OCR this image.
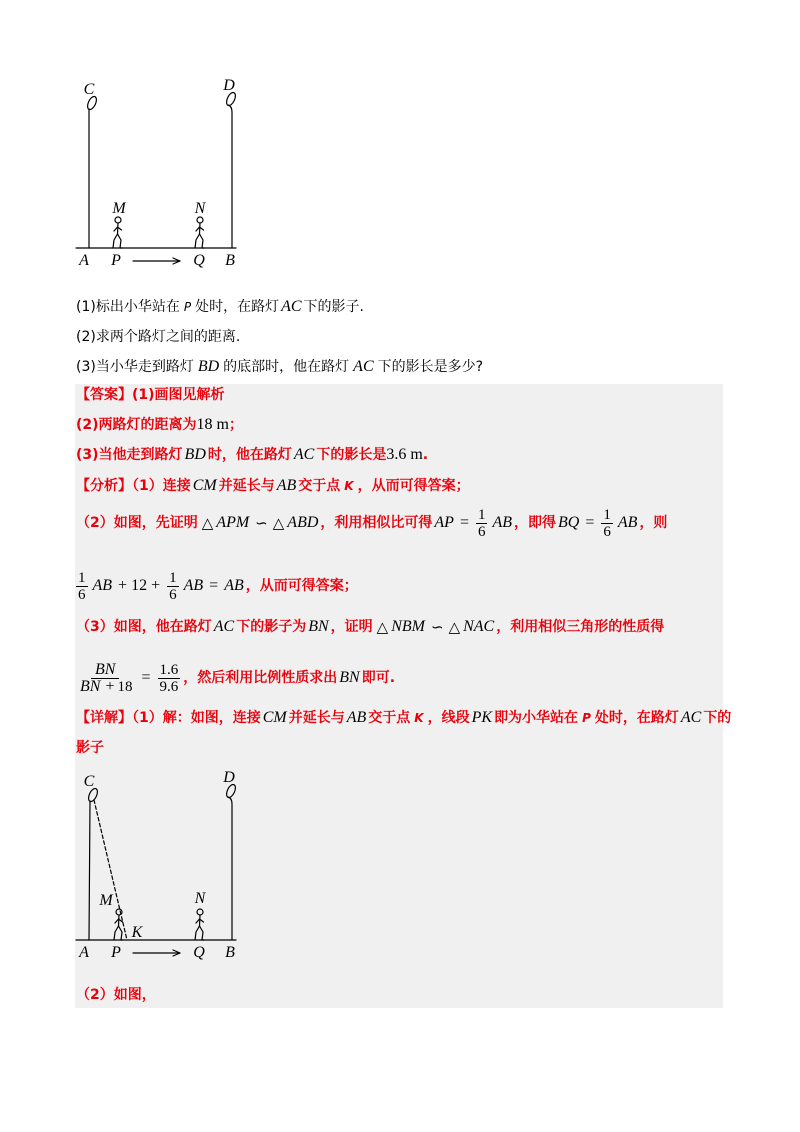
C	D
M	N
A P	Q B
(1)标出小华站在 P 处时，在路灯 AC 下的影子.
(2)求两个路灯之间的距离.
(3)当小华走到路灯 BD 的底部时，他在路灯 AC 下的影长是多少?
【答案】(1)画图见解析
(2)两路灯的距离为 18 m ；
(3)当他走到路灯 BD 时，他在路灯 AC 下的影长是 3.6 m .
【分析】（1）连接 CM 并延长与 AB 交于点 K ，从而可得答案；
（2）如图，先证明 △ APM ∽ △ ABD ，利用相似比可得 AP = $\frac{1}{6}$ AB ，即得 BQ = $\frac{1}{6}$ AB ，则
$\frac{1}{6}$ AB + $12 + \frac{1}{6}$ AB = AB ，从而可得答案；
（3）如图，他在路灯 AC 下的影子为 BN ，证明 △ NBM ∽ △ NAC ，利用相似三角形的性质得
$\frac{BN}{BN + 18} = \frac{1.6}{9.6}$ ，然后利用比例性质求出 BN 即可.
【详解】（1）解：如图，连接 CM 并延长与 AB 交于点 K ，线段 PK 即为小华站在 P 处时，在路灯 AC 下的
影子
C	D
M
K
N
A P	Q B
（2）如图，
